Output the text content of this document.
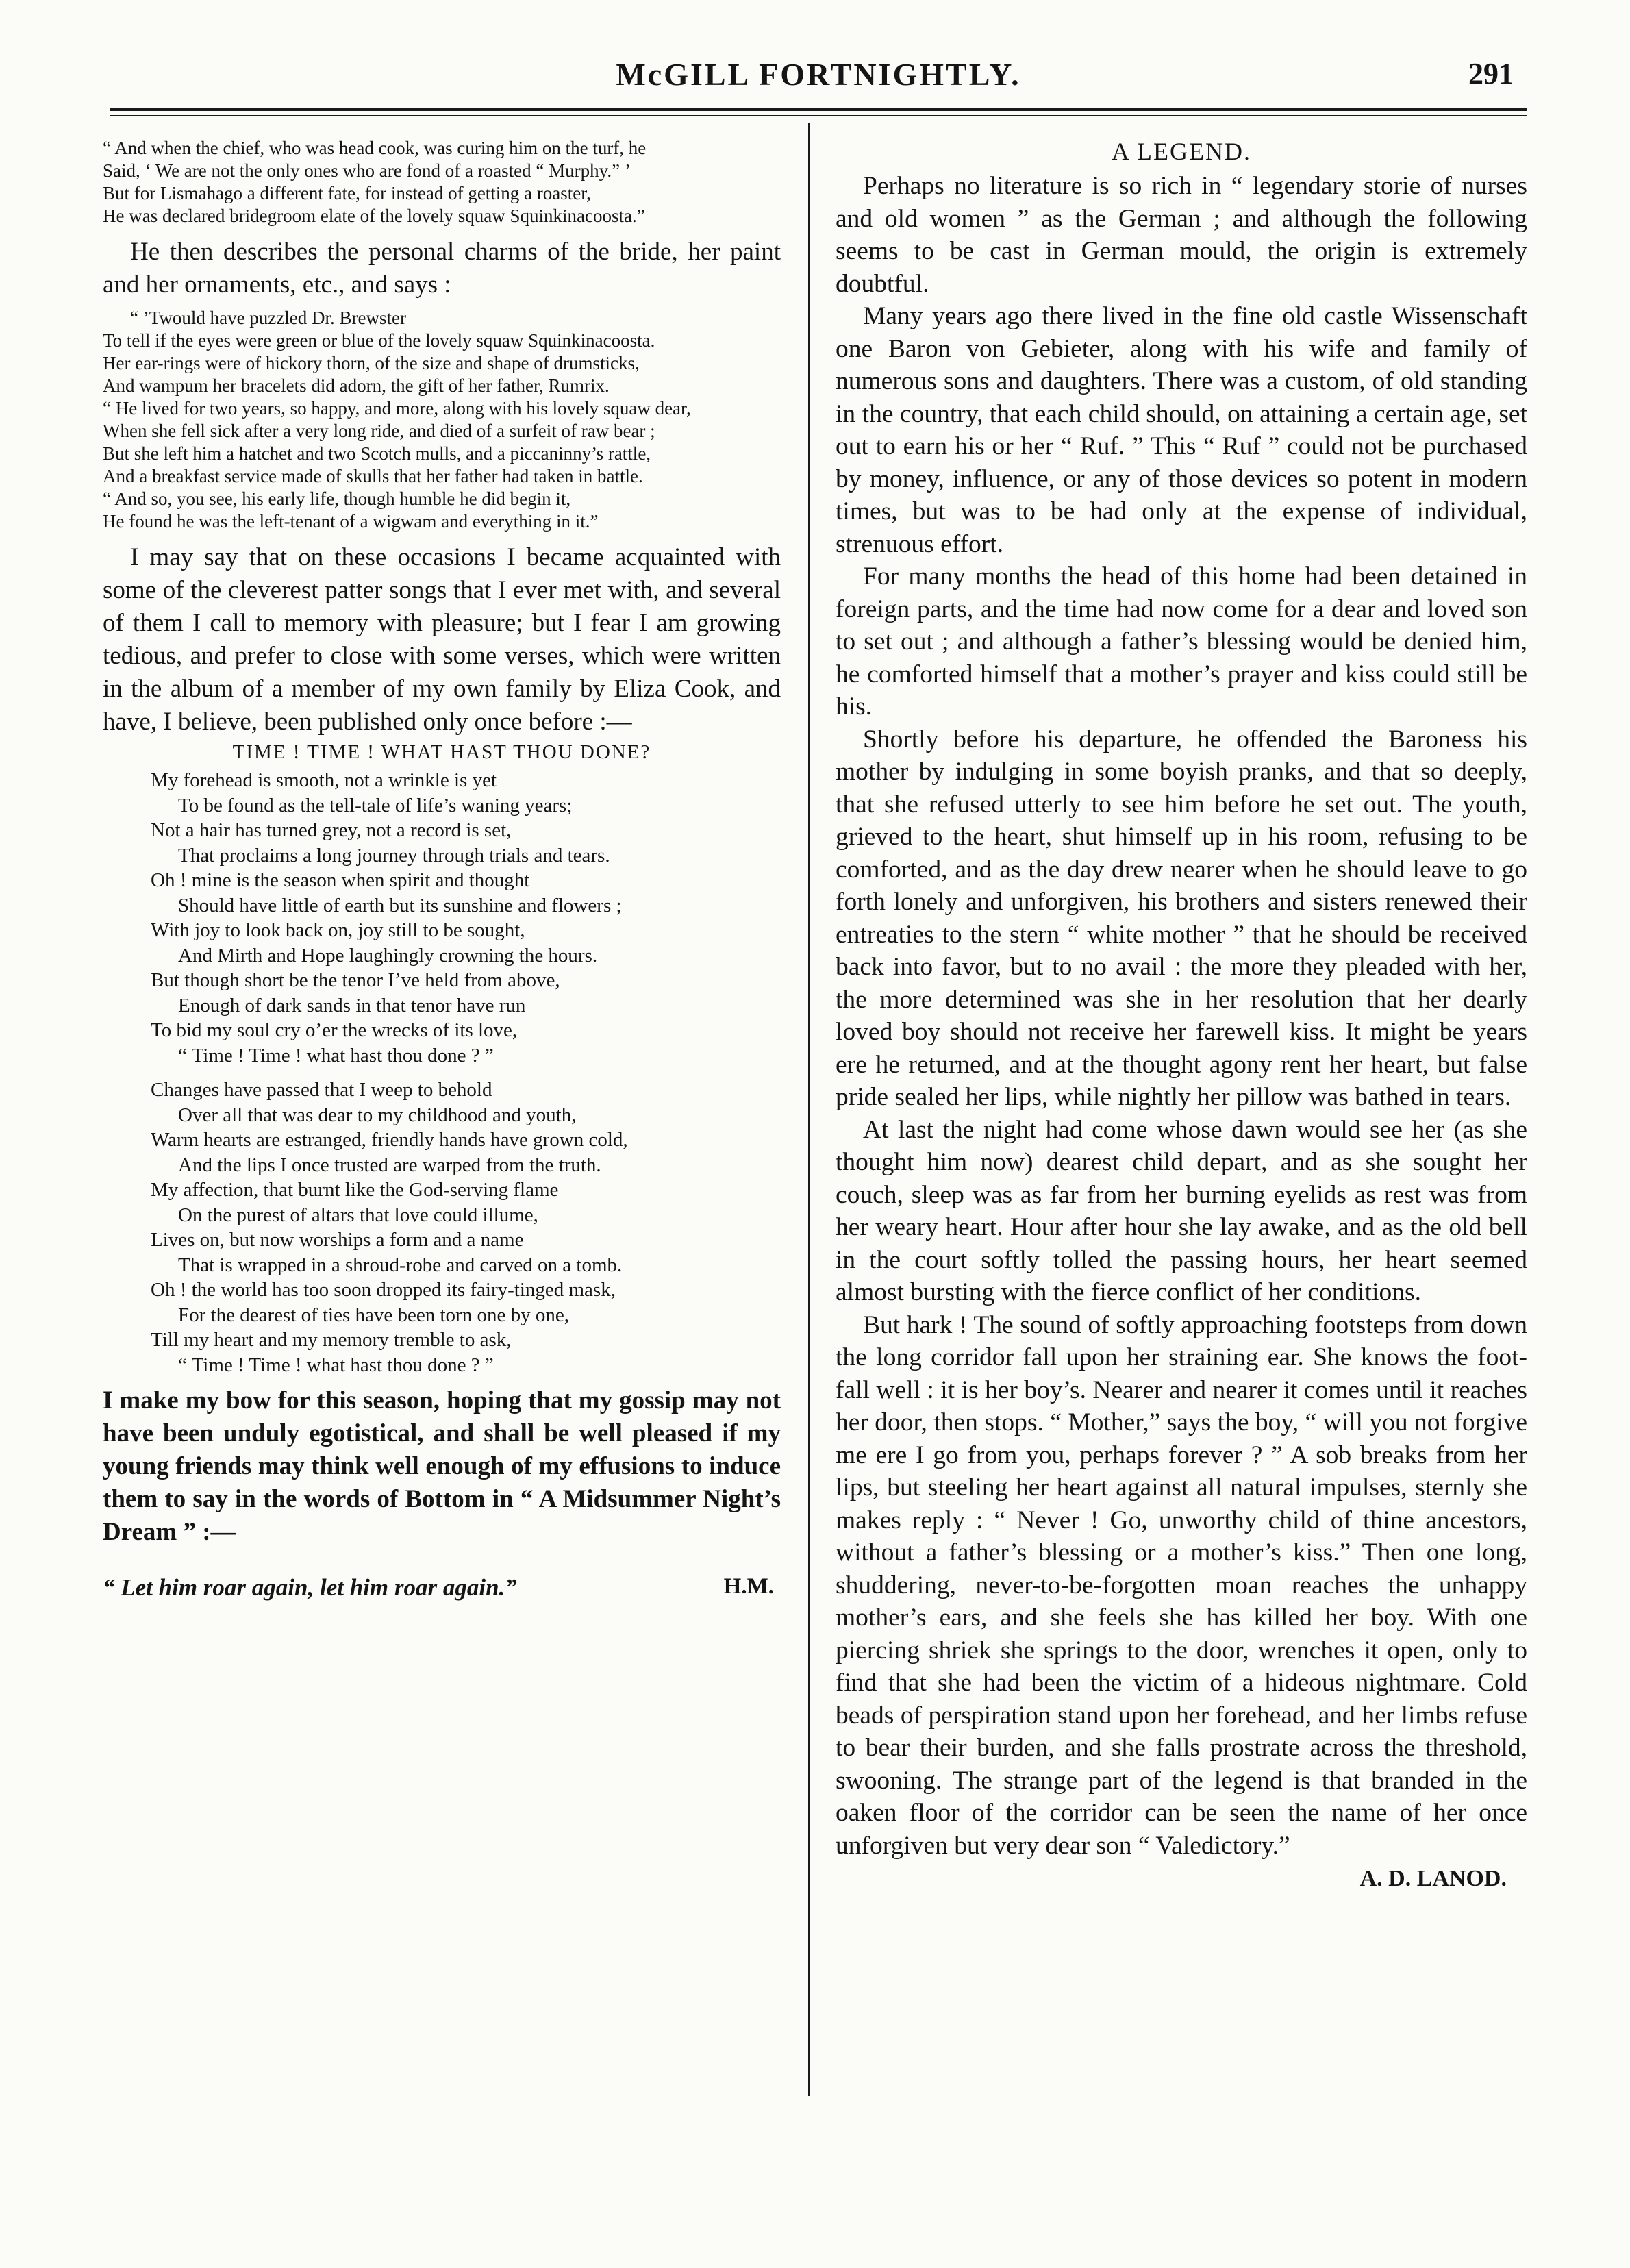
McGILL FORTNIGHTLY.	291
“ And when the chief, who was head cook, was curing him on the turf, he
Said, ‘ We are not the only ones who are fond of a roasted “ Murphy.” ’
But for Lismahago a different fate, for instead of getting a roaster,
He was declared bridegroom elate of the lovely squaw Squinkinacoosta.”

He then describes the personal charms of the bride, her paint and her ornaments, etc., and says :

“ ’Twould have puzzled Dr. Brewster
To tell if the eyes were green or blue of the lovely squaw Squinkinacoosta.
Her ear-rings were of hickory thorn, of the size and shape of drumsticks,
And wampum her bracelets did adorn, the gift of her father, Rumrix.
“ He lived for two years, so happy, and more, along with his lovely squaw dear,
When she fell sick after a very long ride, and died of a surfeit of raw bear ;
But she left him a hatchet and two Scotch mulls, and a piccaninny’s rattle,
And a breakfast service made of skulls that her father had taken in battle.
“ And so, you see, his early life, though humble he did begin it,
He found he was the left-tenant of a wigwam and everything in it.”

I may say that on these occasions I became acquainted with some of the cleverest patter songs that I ever met with, and several of them I call to memory with pleasure; but I fear I am growing tedious, and prefer to close with some verses, which were written in the album of a member of my own family by Eliza Cook, and have, I believe, been published only once before :—

TIME ! TIME ! WHAT HAST THOU DONE?
My forehead is smooth, not a wrinkle is yet
To be found as the tell-tale of life’s waning years;
Not a hair has turned grey, not a record is set,
That proclaims a long journey through trials and tears.
Oh ! mine is the season when spirit and thought
Should have little of earth but its sunshine and flowers ;
With joy to look back on, joy still to be sought,
And Mirth and Hope laughingly crowning the hours.
But though short be the tenor I’ve held from above,
Enough of dark sands in that tenor have run
To bid my soul cry o’er the wrecks of its love,
“ Time ! Time ! what hast thou done ? ”
Changes have passed that I weep to behold
Over all that was dear to my childhood and youth,
Warm hearts are estranged, friendly hands have grown cold,
And the lips I once trusted are warped from the truth.
My affection, that burnt like the God-serving flame
On the purest of altars that love could illume,
Lives on, but now worships a form and a name
That is wrapped in a shroud-robe and carved on a tomb.
Oh ! the world has too soon dropped its fairy-tinged mask,
For the dearest of ties have been torn one by one,
Till my heart and my memory tremble to ask,
“ Time ! Time ! what hast thou done ? ”

I make my bow for this season, hoping that my gossip may not have been unduly egotistical, and shall be well pleased if my young friends may think well enough of my effusions to induce them to say in the words of Bottom in “ A Midsummer Night’s Dream ” :—

“ Let him roar again, let him roar again.”	H.M.
A LEGEND.

Perhaps no literature is so rich in “ legendary storie of nurses and old women ” as the German ; and although the following seems to be cast in German mould, the origin is extremely doubtful.

Many years ago there lived in the fine old castle Wissenschaft one Baron von Gebieter, along with his wife and family of numerous sons and daughters. There was a custom, of old standing in the country, that each child should, on attaining a certain age, set out to earn his or her “ Ruf. ” This “ Ruf ” could not be purchased by money, influence, or any of those devices so potent in modern times, but was to be had only at the expense of individual, strenuous effort.

For many months the head of this home had been detained in foreign parts, and the time had now come for a dear and loved son to set out ; and although a father’s blessing would be denied him, he comforted himself that a mother’s prayer and kiss could still be his.

Shortly before his departure, he offended the Baroness his mother by indulging in some boyish pranks, and that so deeply, that she refused utterly to see him before he set out. The youth, grieved to the heart, shut himself up in his room, refusing to be comforted, and as the day drew nearer when he should leave to go forth lonely and unforgiven, his brothers and sisters renewed their entreaties to the stern “ white mother ” that he should be received back into favor, but to no avail : the more they pleaded with her, the more determined was she in her resolution that her dearly loved boy should not receive her farewell kiss. It might be years ere he returned, and at the thought agony rent her heart, but false pride sealed her lips, while nightly her pillow was bathed in tears.

At last the night had come whose dawn would see her (as she thought him now) dearest child depart, and as she sought her couch, sleep was as far from her burning eyelids as rest was from her weary heart. Hour after hour she lay awake, and as the old bell in the court softly tolled the passing hours, her heart seemed almost bursting with the fierce conflict of her conditions.

But hark ! The sound of softly approaching footsteps from down the long corridor fall upon her straining ear. She knows the foot-fall well : it is her boy’s. Nearer and nearer it comes until it reaches her door, then stops. “ Mother,” says the boy, “ will you not forgive me ere I go from you, perhaps forever ? ” A sob breaks from her lips, but steeling her heart against all natural impulses, sternly she makes reply : “ Never ! Go, unworthy child of thine ancestors, without a father’s blessing or a mother’s kiss.” Then one long, shuddering, never-to-be-forgotten moan reaches the unhappy mother’s ears, and she feels she has killed her boy. With one piercing shriek she springs to the door, wrenches it open, only to find that she had been the victim of a hideous nightmare. Cold beads of perspiration stand upon her forehead, and her limbs refuse to bear their burden, and she falls prostrate across the threshold, swooning. The strange part of the legend is that branded in the oaken floor of the corridor can be seen the name of her once unforgiven but very dear son “ Valedictory.”

A. D. LANOD.
